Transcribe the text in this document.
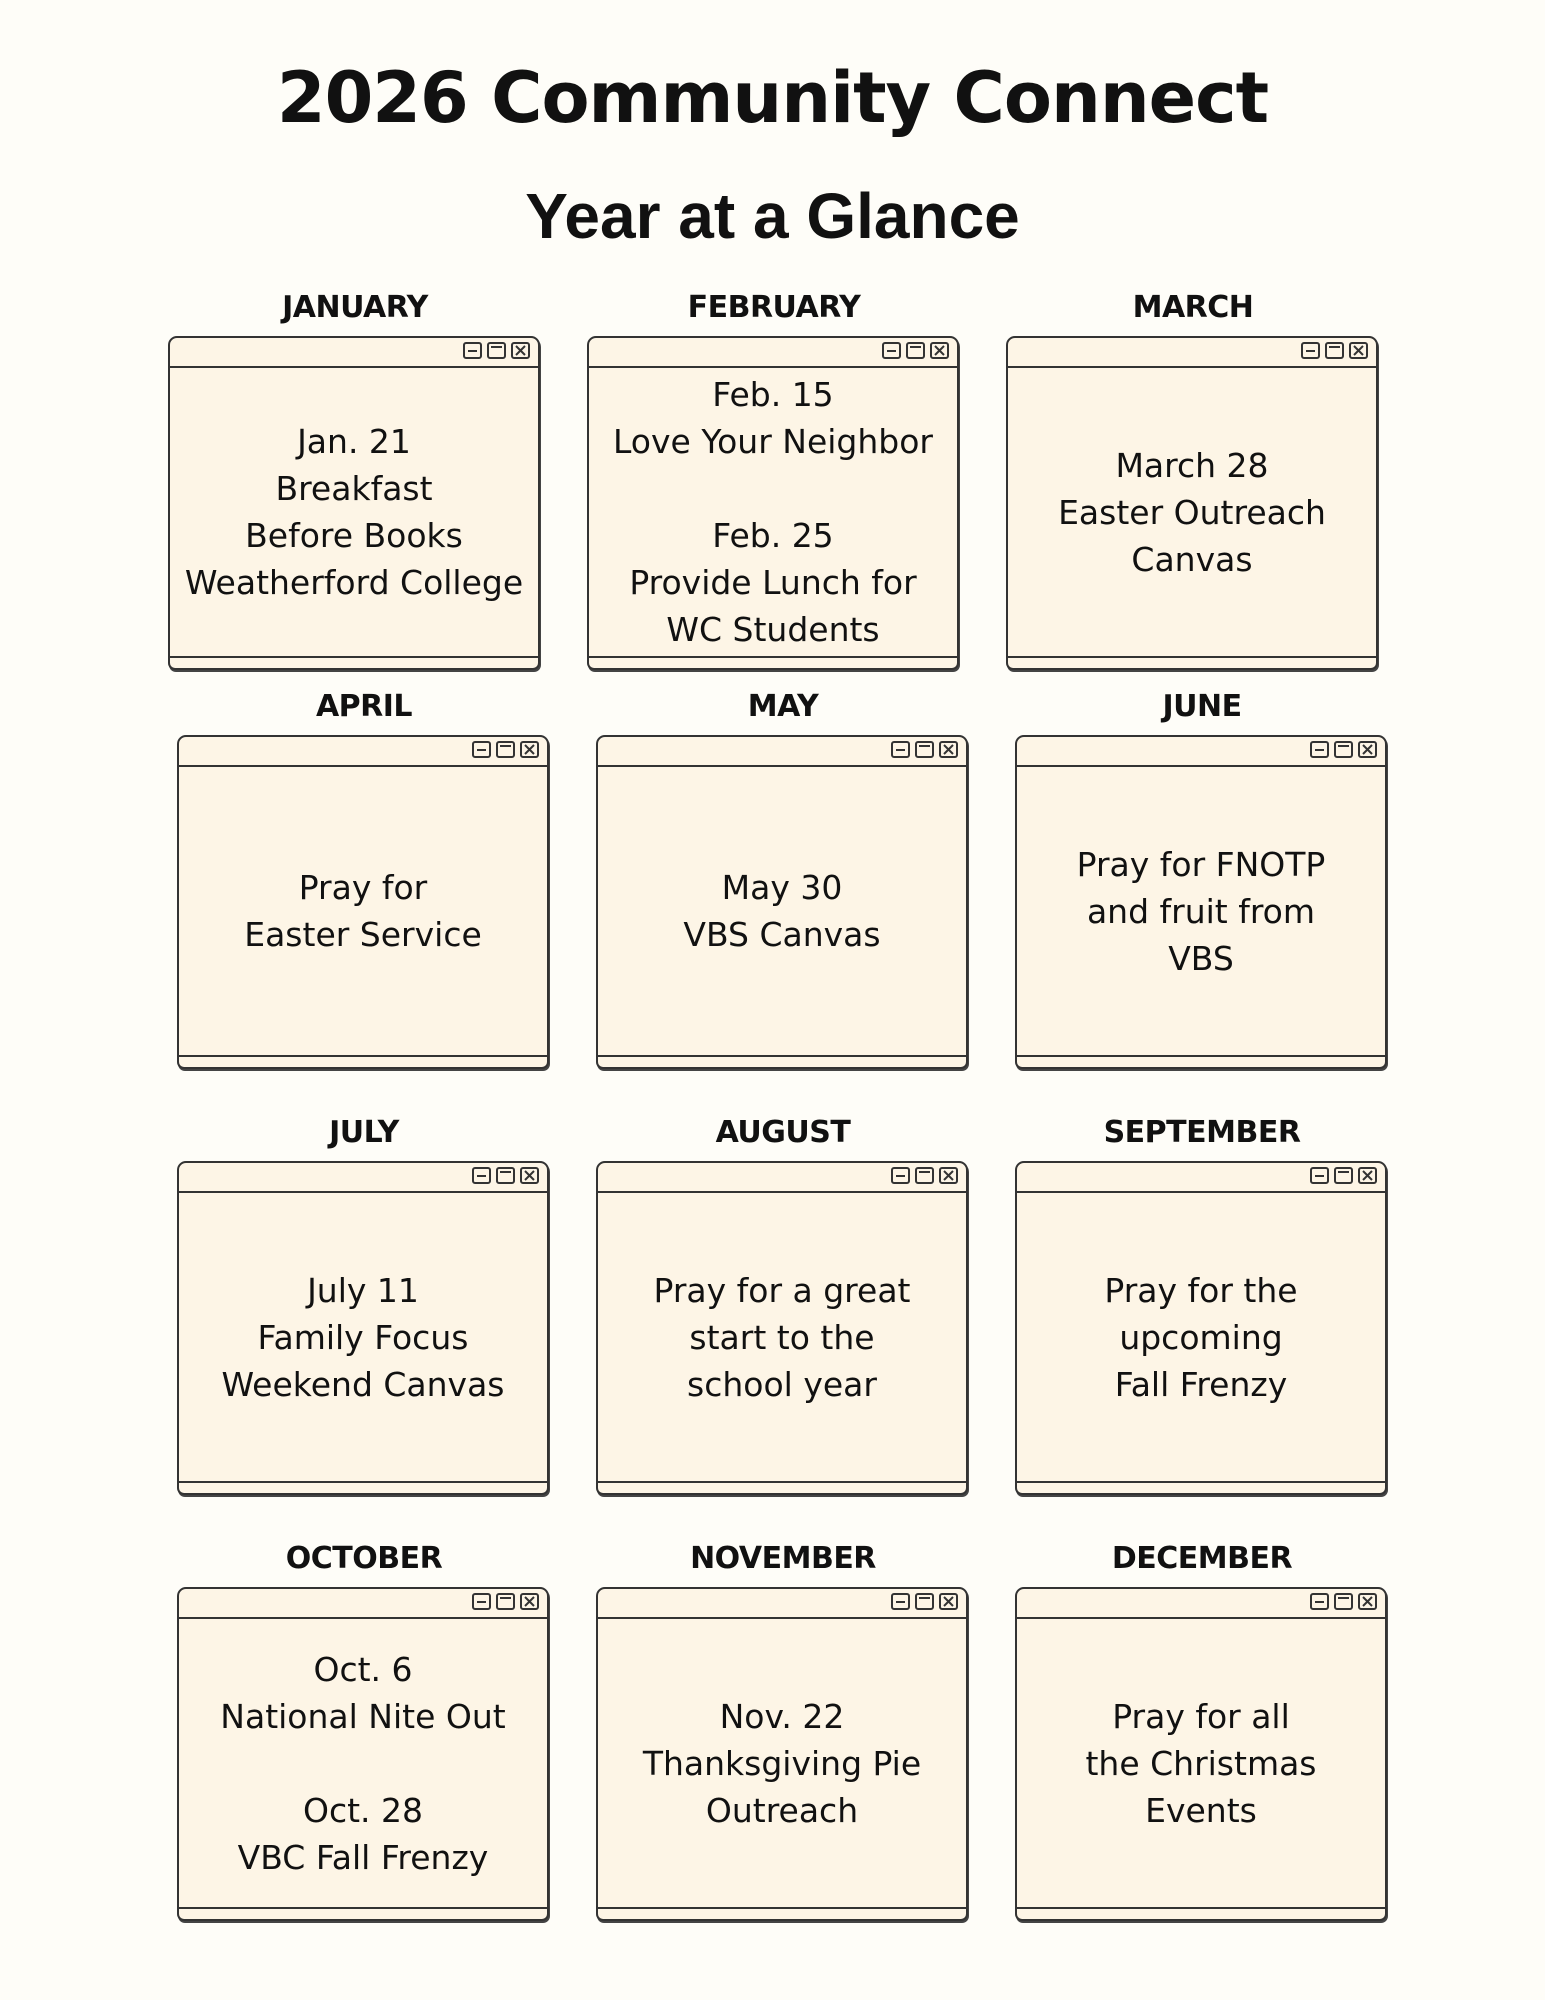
2026 Community Connect
Year at a Glance
JANUARY
Jan. 21
Breakfast
Before Books
Weatherford College
FEBRUARY
Feb. 15
Love Your Neighbor

Feb. 25
Provide Lunch for
WC Students
MARCH
March 28
Easter Outreach
Canvas
APRIL
Pray for
Easter Service
MAY
May 30
VBS Canvas
JUNE
Pray for FNOTP
and fruit from
VBS
JULY
July 11
Family Focus
Weekend Canvas
AUGUST
Pray for a great
start to the
school year
SEPTEMBER
Pray for the
upcoming
Fall Frenzy
OCTOBER
Oct. 6
National Nite Out

Oct. 28
VBC Fall Frenzy
NOVEMBER
Nov. 22
Thanksgiving Pie
Outreach
DECEMBER
Pray for all
the Christmas
Events
